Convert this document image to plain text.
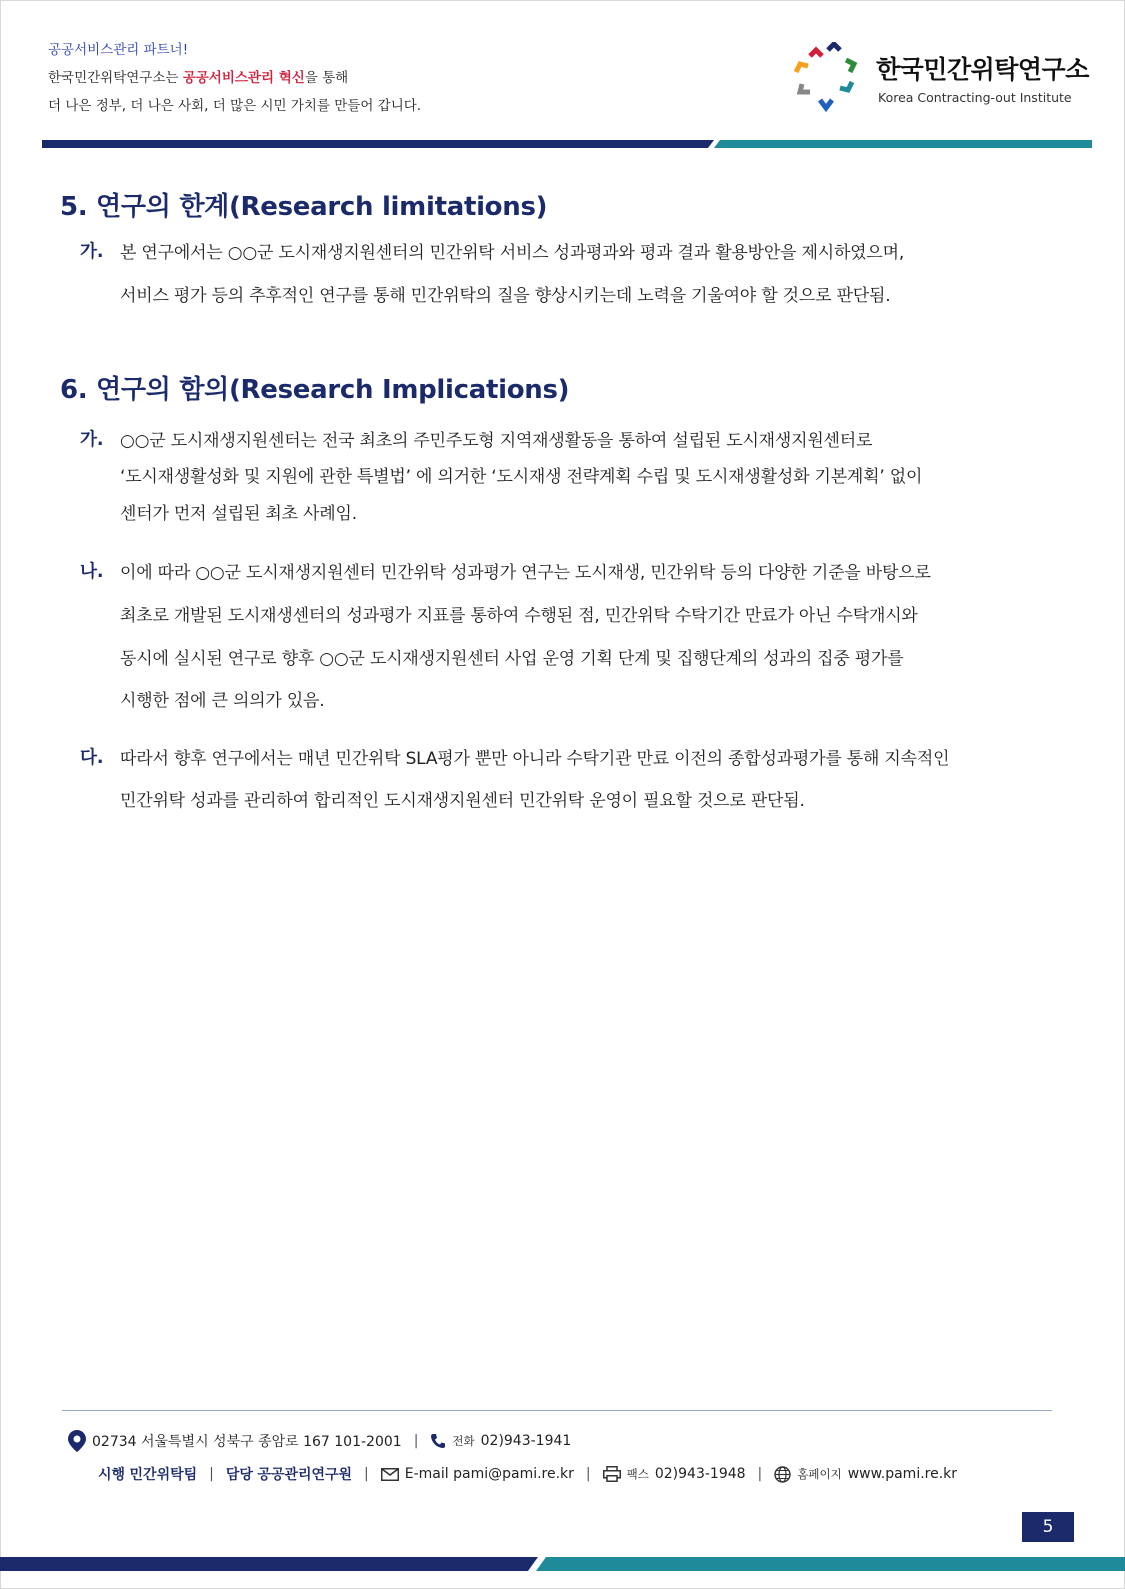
공공서비스관리 파트너!
한국민간위탁연구소는 공공서비스관리 혁신을 통해
더 나은 정부, 더 나은 사회, 더 많은 시민 가치를 만들어 갑니다.
한국민간위탁연구소
Korea Contracting-out Institute
5. 연구의 한계(Research limitations)
가. 본 연구에서는 ○○군 도시재생지원센터의 민간위탁 서비스 성과평과와 평과 결과 활용방안을 제시하였으며,
서비스 평가 등의 추후적인 연구를 통해 민간위탁의 질을 향상시키는데 노력을 기울여야 할 것으로 판단됨.
6. 연구의 함의(Research Implications)
가. ○○군 도시재생지원센터는 전국 최초의 주민주도형 지역재생활동을 통하여 설립된 도시재생지원센터로
‘도시재생활성화 및 지원에 관한 특별법’ 에 의거한 ‘도시재생 전략계획 수립 및 도시재생활성화 기본계획’ 없이
센터가 먼저 설립된 최초 사례임.
나. 이에 따라 ○○군 도시재생지원센터 민간위탁 성과평가 연구는 도시재생, 민간위탁 등의 다양한 기준을 바탕으로
최초로 개발된 도시재생센터의 성과평가 지표를 통하여 수행된 점, 민간위탁 수탁기간 만료가 아닌 수탁개시와
동시에 실시된 연구로 향후 ○○군 도시재생지원센터 사업 운영 기획 단계 및 집행단계의 성과의 집중 평가를
시행한 점에 큰 의의가 있음.
다. 따라서 향후 연구에서는 매년 민간위탁 SLA평가 뿐만 아니라 수탁기관 만료 이전의 종합성과평가를 통해 지속적인
민간위탁 성과를 관리하여 합리적인 도시재생지원센터 민간위탁 운영이 필요할 것으로 판단됨.
02734 서울특별시 성북구 종암로 167 101-2001 |	전화 02)943-1941
시행
민간위탁팀 | 담당
공공관리연구원 |	E-mail pami@pami.re.kr |	팩스 02)943-1948 |	홈페이지 www.pami.re.kr
5
